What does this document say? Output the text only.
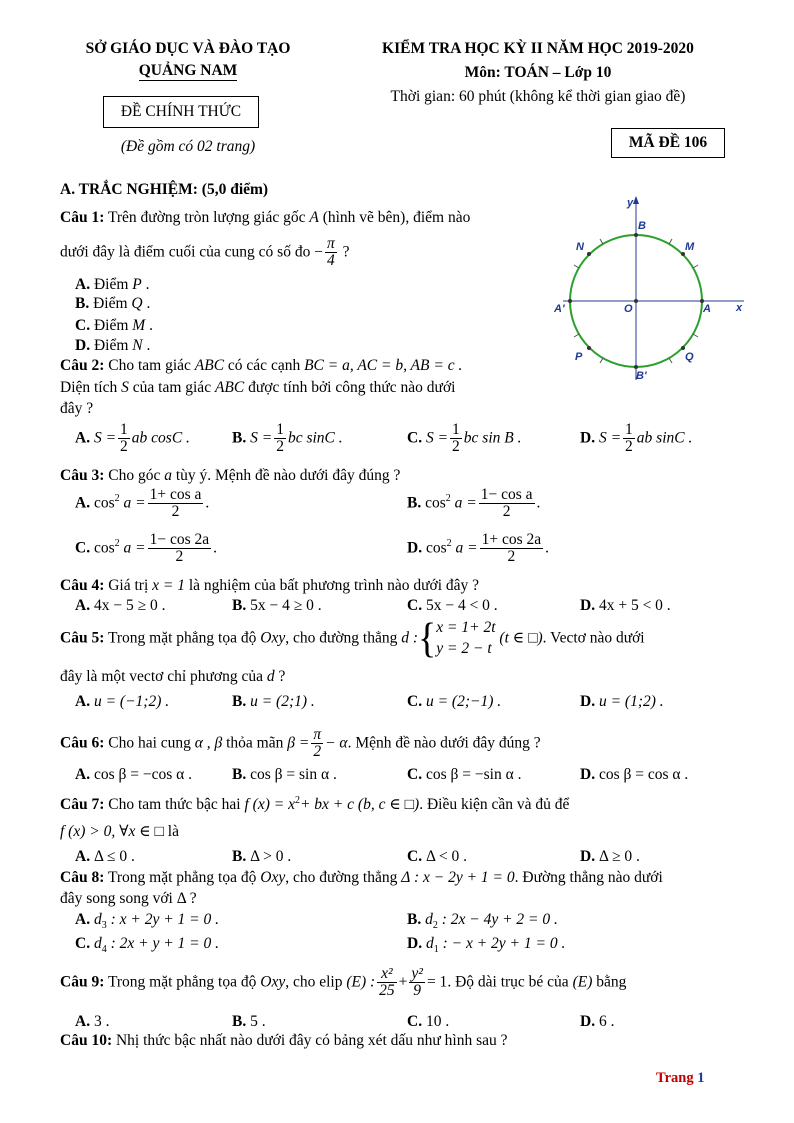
SỞ GIÁO DỤC VÀ ĐÀO TẠO
QUẢNG NAM
ĐỀ CHÍNH THỨC
(Đề gồm có 02 trang)
KIỂM TRA HỌC KỲ II NĂM HỌC 2019-2020
Môn: TOÁN – Lớp 10
Thời gian: 60 phút (không kể thời gian giao đề)
MÃ ĐỀ 106
A. TRẮC NGHIỆM: (5,0 điểm)
y
x
B
B'
A'	A
O
N	M
P	Q
Câu 1: Trên đường tròn lượng giác gốc A (hình vẽ bên), điểm nào
dưới đây là điểm cuối của cung có số đo − $\frac{\pi}{4}$ ?
A. Điểm P .
B. Điểm Q .
C. Điểm M .
D. Điểm N .
Câu 2: Cho tam giác ABC có các cạnh BC = a, AC = b, AB = c .
Diện tích S của tam giác ABC được tính bởi công thức nào dưới
đây ?
A. $S = \frac{1}{2}$ ab cosC .	B. $S = \frac{1}{2}$ bc sinC .	C. $S = \frac{1}{2}$ bc sin B .	D. $S = \frac{1}{2}$ ab sinC .
Câu 3: Cho góc a tùy ý. Mệnh đề nào dưới đây đúng ?
A. $\cos^2 a = \frac{\text{1+ cos a}}{2}$ .	B. $\cos^2 a = \frac{\text{1− cos a}}{2}$ .
C. $\cos^2 a = \frac{1- \cos 2a}{2}$ .	D. $\cos^2 a = \frac{1+ \cos 2a}{2}$ .
Câu 4: Giá trị x = 1 là nghiệm của bất phương trình nào dưới đây ?
A. 4x − 5 ≥ 0 .	B. 5x − 4 ≥ 0 .	C. 5x − 4 < 0 .	D. 4x + 5 < 0 .
Câu 5: Trong mặt phẳng tọa độ Oxy, cho đường thẳng d :{ x = 1+ 2t
y = 2 − t
(t ∈ □). Vectơ nào dưới
đây là một vectơ chỉ phương của d ?
A. u = (−1;2) .	B. u = (2;1) .	C. u = (2;−1) .	D. u = (1;2) .
Câu 6: Cho hai cung α , β thỏa mãn $\beta = \frac{\pi}{2} - \alpha$. Mệnh đề nào dưới đây đúng ?
A. cos β = −cos α .	B. cos β = sin α .	C. cos β = −sin α .	D. cos β = cos α .
Câu 7: Cho tam thức bậc hai f $(x) = x^2+$ bx + c (b, c ∈ □). Điều kiện cần và đủ để
f (x) > 0, ∀x ∈ □ là
A. Δ ≤ 0 .	B. Δ > 0 .	C. Δ < 0 .	D. Δ ≥ 0 .
Câu 8: Trong mặt phẳng tọa độ Oxy, cho đường thẳng Δ : x − 2y + 1 = 0. Đường thẳng nào dưới
đây song song với Δ ?
A. $d_3$ : x + 2y + 1 = 0 .	B. $d_2$ : 2x − 4y + 2 = 0 .
C. $d_4$ : 2x + y + 1 = 0 .	D. $d_1$ : − x + 2y + 1 = 0 .
Câu 9: Trong mặt phẳng tọa độ Oxy, cho elip (E) : $\frac{\text{x²}}{25} + \frac{\text{y²}}{9} = 1$. Độ dài trục bé của (E) bằng
A. 3 .	B. 5 .	C. 10 .	D. 6 .
Câu 10: Nhị thức bậc nhất nào dưới đây có bảng xét dấu như hình sau ?
Trang 1
